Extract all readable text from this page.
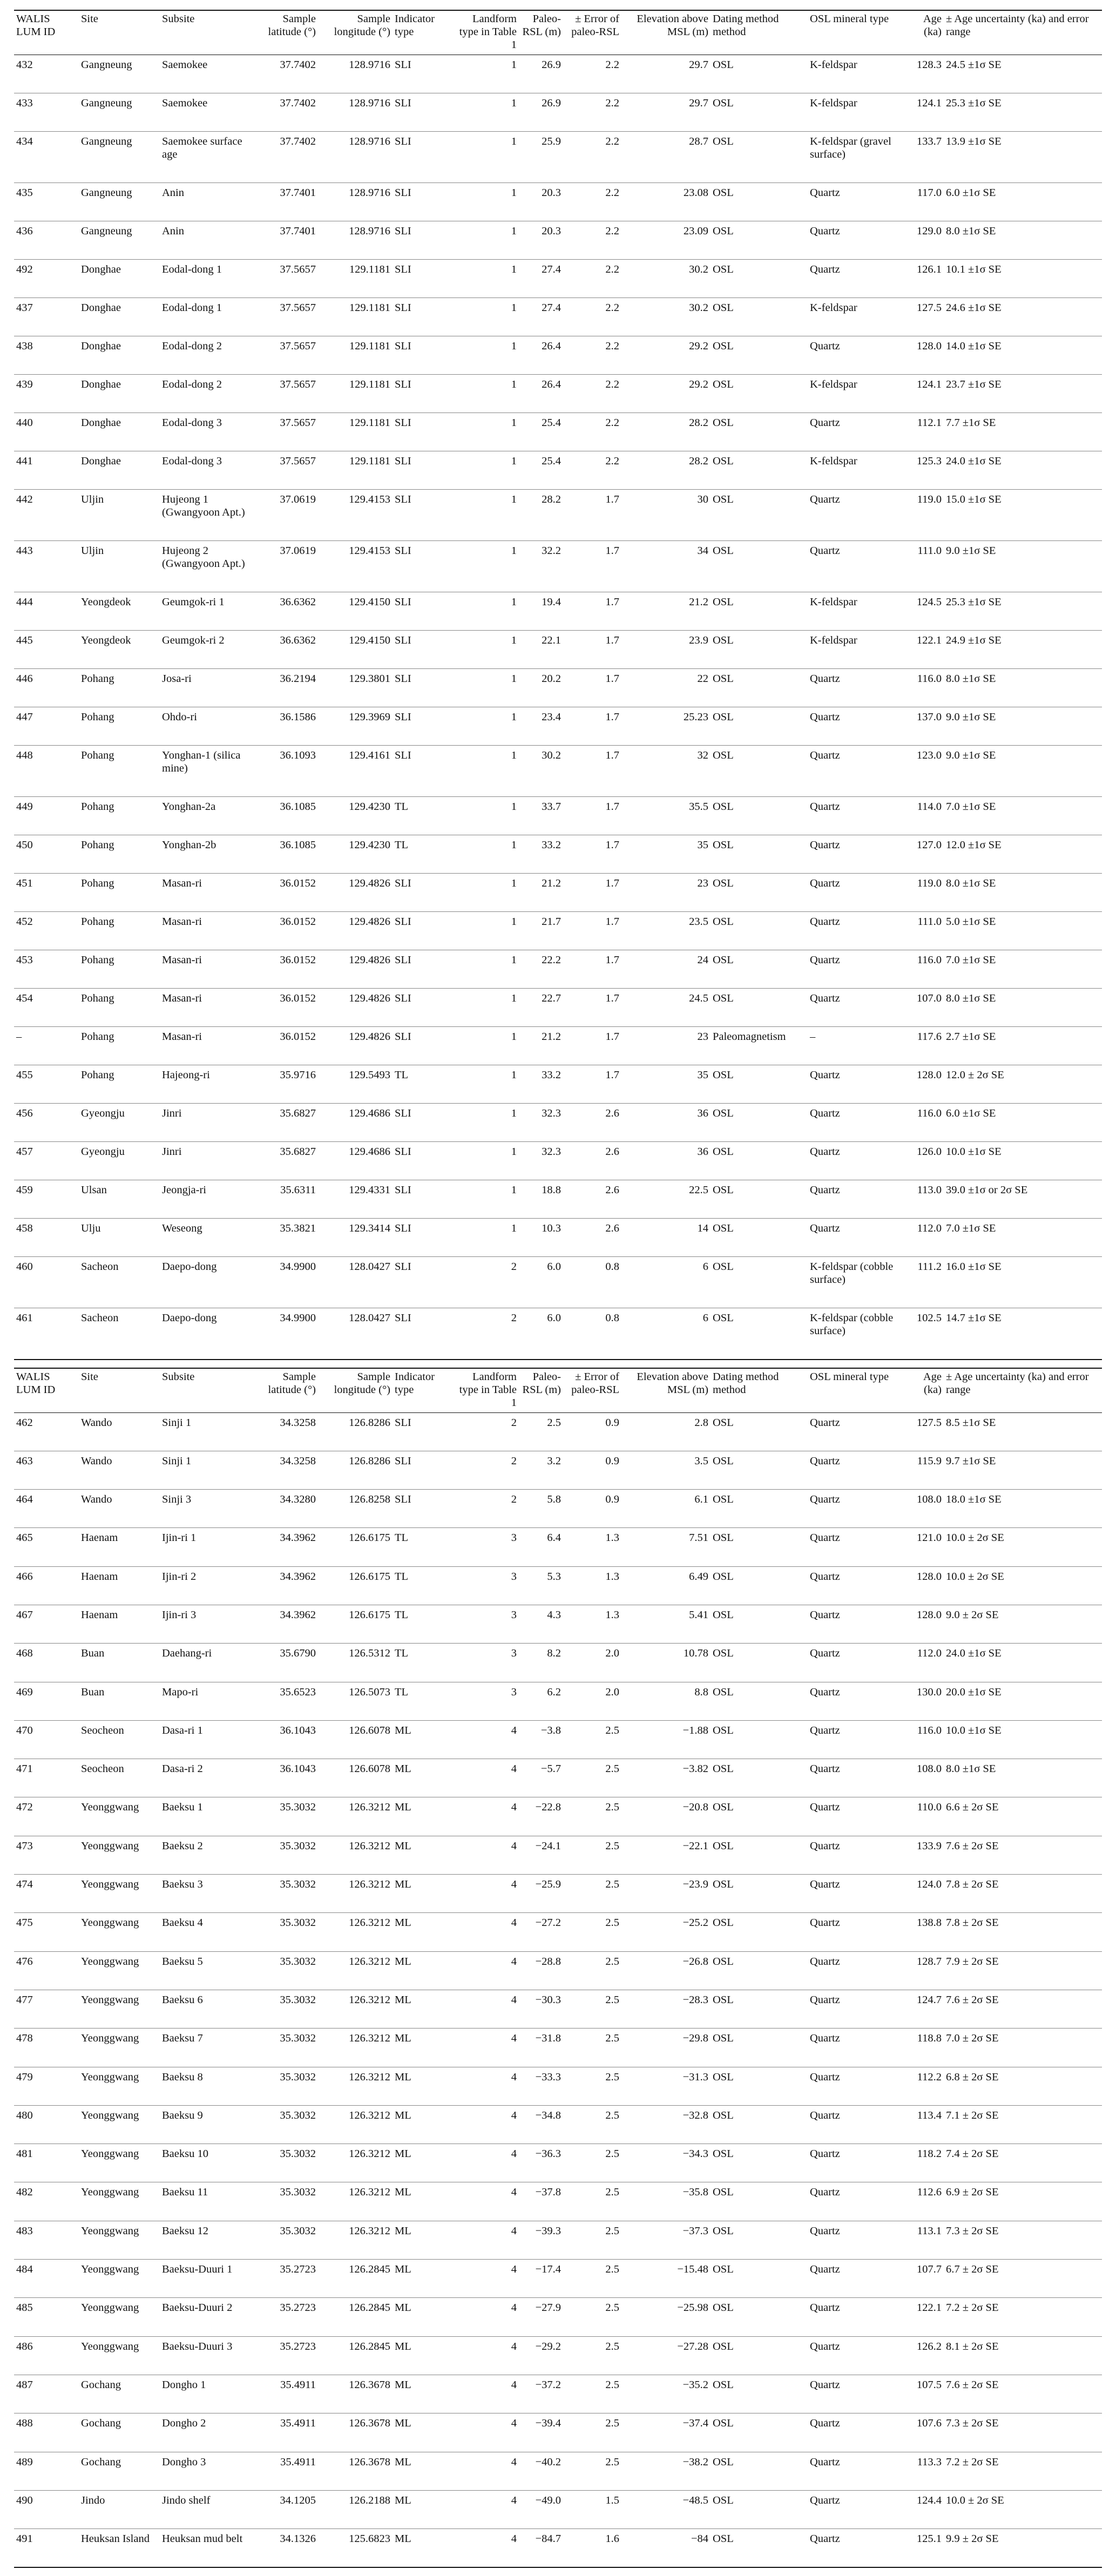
WALIS LUM ID	Site	Subsite	Sample latitude (°)	Sample longitude (°)	Indicator type	Landform type in Table 1	Paleo-RSL (m)	± Error of paleo-RSL	Elevation above MSL (m)	Dating method method	OSL mineral type	Age (ka)	± Age uncertainty (ka) and error range
432	Gangneung	Saemokee	37.7402	128.9716	SLI	1	26.9	2.2	29.7	OSL	K-feldspar	128.3	24.5 ±1σ SE
433	Gangneung	Saemokee	37.7402	128.9716	SLI	1	26.9	2.2	29.7	OSL	K-feldspar	124.1	25.3 ±1σ SE
434	Gangneung	Saemokee surface age	37.7402	128.9716	SLI	1	25.9	2.2	28.7	OSL	K-feldspar (gravel surface)	133.7	13.9 ±1σ SE
435	Gangneung	Anin	37.7401	128.9716	SLI	1	20.3	2.2	23.08	OSL	Quartz	117.0	6.0 ±1σ SE
436	Gangneung	Anin	37.7401	128.9716	SLI	1	20.3	2.2	23.09	OSL	Quartz	129.0	8.0 ±1σ SE
492	Donghae	Eodal-dong 1	37.5657	129.1181	SLI	1	27.4	2.2	30.2	OSL	Quartz	126.1	10.1 ±1σ SE
437	Donghae	Eodal-dong 1	37.5657	129.1181	SLI	1	27.4	2.2	30.2	OSL	K-feldspar	127.5	24.6 ±1σ SE
438	Donghae	Eodal-dong 2	37.5657	129.1181	SLI	1	26.4	2.2	29.2	OSL	Quartz	128.0	14.0 ±1σ SE
439	Donghae	Eodal-dong 2	37.5657	129.1181	SLI	1	26.4	2.2	29.2	OSL	K-feldspar	124.1	23.7 ±1σ SE
440	Donghae	Eodal-dong 3	37.5657	129.1181	SLI	1	25.4	2.2	28.2	OSL	Quartz	112.1	7.7 ±1σ SE
441	Donghae	Eodal-dong 3	37.5657	129.1181	SLI	1	25.4	2.2	28.2	OSL	K-feldspar	125.3	24.0 ±1σ SE
442	Uljin	Hujeong 1 (Gwangyoon Apt.)	37.0619	129.4153	SLI	1	28.2	1.7	30	OSL	Quartz	119.0	15.0 ±1σ SE
443	Uljin	Hujeong 2 (Gwangyoon Apt.)	37.0619	129.4153	SLI	1	32.2	1.7	34	OSL	Quartz	111.0	9.0 ±1σ SE
444	Yeongdeok	Geumgok-ri 1	36.6362	129.4150	SLI	1	19.4	1.7	21.2	OSL	K-feldspar	124.5	25.3 ±1σ SE
445	Yeongdeok	Geumgok-ri 2	36.6362	129.4150	SLI	1	22.1	1.7	23.9	OSL	K-feldspar	122.1	24.9 ±1σ SE
446	Pohang	Josa-ri	36.2194	129.3801	SLI	1	20.2	1.7	22	OSL	Quartz	116.0	8.0 ±1σ SE
447	Pohang	Ohdo-ri	36.1586	129.3969	SLI	1	23.4	1.7	25.23	OSL	Quartz	137.0	9.0 ±1σ SE
448	Pohang	Yonghan-1 (silica mine)	36.1093	129.4161	SLI	1	30.2	1.7	32	OSL	Quartz	123.0	9.0 ±1σ SE
449	Pohang	Yonghan-2a	36.1085	129.4230	TL	1	33.7	1.7	35.5	OSL	Quartz	114.0	7.0 ±1σ SE
450	Pohang	Yonghan-2b	36.1085	129.4230	TL	1	33.2	1.7	35	OSL	Quartz	127.0	12.0 ±1σ SE
451	Pohang	Masan-ri	36.0152	129.4826	SLI	1	21.2	1.7	23	OSL	Quartz	119.0	8.0 ±1σ SE
452	Pohang	Masan-ri	36.0152	129.4826	SLI	1	21.7	1.7	23.5	OSL	Quartz	111.0	5.0 ±1σ SE
453	Pohang	Masan-ri	36.0152	129.4826	SLI	1	22.2	1.7	24	OSL	Quartz	116.0	7.0 ±1σ SE
454	Pohang	Masan-ri	36.0152	129.4826	SLI	1	22.7	1.7	24.5	OSL	Quartz	107.0	8.0 ±1σ SE
–	Pohang	Masan-ri	36.0152	129.4826	SLI	1	21.2	1.7	23	Paleomagnetism	–	117.6	2.7 ±1σ SE
455	Pohang	Hajeong-ri	35.9716	129.5493	TL	1	33.2	1.7	35	OSL	Quartz	128.0	12.0 ± 2σ SE
456	Gyeongju	Jinri	35.6827	129.4686	SLI	1	32.3	2.6	36	OSL	Quartz	116.0	6.0 ±1σ SE
457	Gyeongju	Jinri	35.6827	129.4686	SLI	1	32.3	2.6	36	OSL	Quartz	126.0	10.0 ±1σ SE
459	Ulsan	Jeongja-ri	35.6311	129.4331	SLI	1	18.8	2.6	22.5	OSL	Quartz	113.0	39.0 ±1σ or 2σ SE
458	Ulju	Weseong	35.3821	129.3414	SLI	1	10.3	2.6	14	OSL	Quartz	112.0	7.0 ±1σ SE
460	Sacheon	Daepo-dong	34.9900	128.0427	SLI	2	6.0	0.8	6	OSL	K-feldspar (cobble surface)	111.2	16.0 ±1σ SE
461	Sacheon	Daepo-dong	34.9900	128.0427	SLI	2	6.0	0.8	6	OSL	K-feldspar (cobble surface)	102.5	14.7 ±1σ SE
WALIS LUM ID	Site	Subsite	Sample latitude (°)	Sample longitude (°)	Indicator type	Landform type in Table 1	Paleo-RSL (m)	± Error of paleo-RSL	Elevation above MSL (m)	Dating method method	OSL mineral type	Age (ka)	± Age uncertainty (ka) and error range
462	Wando	Sinji 1	34.3258	126.8286	SLI	2	2.5	0.9	2.8	OSL	Quartz	127.5	8.5 ±1σ SE
463	Wando	Sinji 1	34.3258	126.8286	SLI	2	3.2	0.9	3.5	OSL	Quartz	115.9	9.7 ±1σ SE
464	Wando	Sinji 3	34.3280	126.8258	SLI	2	5.8	0.9	6.1	OSL	Quartz	108.0	18.0 ±1σ SE
465	Haenam	Ijin-ri 1	34.3962	126.6175	TL	3	6.4	1.3	7.51	OSL	Quartz	121.0	10.0 ± 2σ SE
466	Haenam	Ijin-ri 2	34.3962	126.6175	TL	3	5.3	1.3	6.49	OSL	Quartz	128.0	10.0 ± 2σ SE
467	Haenam	Ijin-ri 3	34.3962	126.6175	TL	3	4.3	1.3	5.41	OSL	Quartz	128.0	9.0 ± 2σ SE
468	Buan	Daehang-ri	35.6790	126.5312	TL	3	8.2	2.0	10.78	OSL	Quartz	112.0	24.0 ±1σ SE
469	Buan	Mapo-ri	35.6523	126.5073	TL	3	6.2	2.0	8.8	OSL	Quartz	130.0	20.0 ±1σ SE
470	Seocheon	Dasa-ri 1	36.1043	126.6078	ML	4	−3.8	2.5	−1.88	OSL	Quartz	116.0	10.0 ±1σ SE
471	Seocheon	Dasa-ri 2	36.1043	126.6078	ML	4	−5.7	2.5	−3.82	OSL	Quartz	108.0	8.0 ±1σ SE
472	Yeonggwang	Baeksu 1	35.3032	126.3212	ML	4	−22.8	2.5	−20.8	OSL	Quartz	110.0	6.6 ± 2σ SE
473	Yeonggwang	Baeksu 2	35.3032	126.3212	ML	4	−24.1	2.5	−22.1	OSL	Quartz	133.9	7.6 ± 2σ SE
474	Yeonggwang	Baeksu 3	35.3032	126.3212	ML	4	−25.9	2.5	−23.9	OSL	Quartz	124.0	7.8 ± 2σ SE
475	Yeonggwang	Baeksu 4	35.3032	126.3212	ML	4	−27.2	2.5	−25.2	OSL	Quartz	138.8	7.8 ± 2σ SE
476	Yeonggwang	Baeksu 5	35.3032	126.3212	ML	4	−28.8	2.5	−26.8	OSL	Quartz	128.7	7.9 ± 2σ SE
477	Yeonggwang	Baeksu 6	35.3032	126.3212	ML	4	−30.3	2.5	−28.3	OSL	Quartz	124.7	7.6 ± 2σ SE
478	Yeonggwang	Baeksu 7	35.3032	126.3212	ML	4	−31.8	2.5	−29.8	OSL	Quartz	118.8	7.0 ± 2σ SE
479	Yeonggwang	Baeksu 8	35.3032	126.3212	ML	4	−33.3	2.5	−31.3	OSL	Quartz	112.2	6.8 ± 2σ SE
480	Yeonggwang	Baeksu 9	35.3032	126.3212	ML	4	−34.8	2.5	−32.8	OSL	Quartz	113.4	7.1 ± 2σ SE
481	Yeonggwang	Baeksu 10	35.3032	126.3212	ML	4	−36.3	2.5	−34.3	OSL	Quartz	118.2	7.4 ± 2σ SE
482	Yeonggwang	Baeksu 11	35.3032	126.3212	ML	4	−37.8	2.5	−35.8	OSL	Quartz	112.6	6.9 ± 2σ SE
483	Yeonggwang	Baeksu 12	35.3032	126.3212	ML	4	−39.3	2.5	−37.3	OSL	Quartz	113.1	7.3 ± 2σ SE
484	Yeonggwang	Baeksu-Duuri 1	35.2723	126.2845	ML	4	−17.4	2.5	−15.48	OSL	Quartz	107.7	6.7 ± 2σ SE
485	Yeonggwang	Baeksu-Duuri 2	35.2723	126.2845	ML	4	−27.9	2.5	−25.98	OSL	Quartz	122.1	7.2 ± 2σ SE
486	Yeonggwang	Baeksu-Duuri 3	35.2723	126.2845	ML	4	−29.2	2.5	−27.28	OSL	Quartz	126.2	8.1 ± 2σ SE
487	Gochang	Dongho 1	35.4911	126.3678	ML	4	−37.2	2.5	−35.2	OSL	Quartz	107.5	7.6 ± 2σ SE
488	Gochang	Dongho 2	35.4911	126.3678	ML	4	−39.4	2.5	−37.4	OSL	Quartz	107.6	7.3 ± 2σ SE
489	Gochang	Dongho 3	35.4911	126.3678	ML	4	−40.2	2.5	−38.2	OSL	Quartz	113.3	7.2 ± 2σ SE
490	Jindo	Jindo shelf	34.1205	126.2188	ML	4	−49.0	1.5	−48.5	OSL	Quartz	124.4	10.0 ± 2σ SE
491	Heuksan Island	Heuksan mud belt	34.1326	125.6823	ML	4	−84.7	1.6	−84	OSL	Quartz	125.1	9.9 ± 2σ SE
